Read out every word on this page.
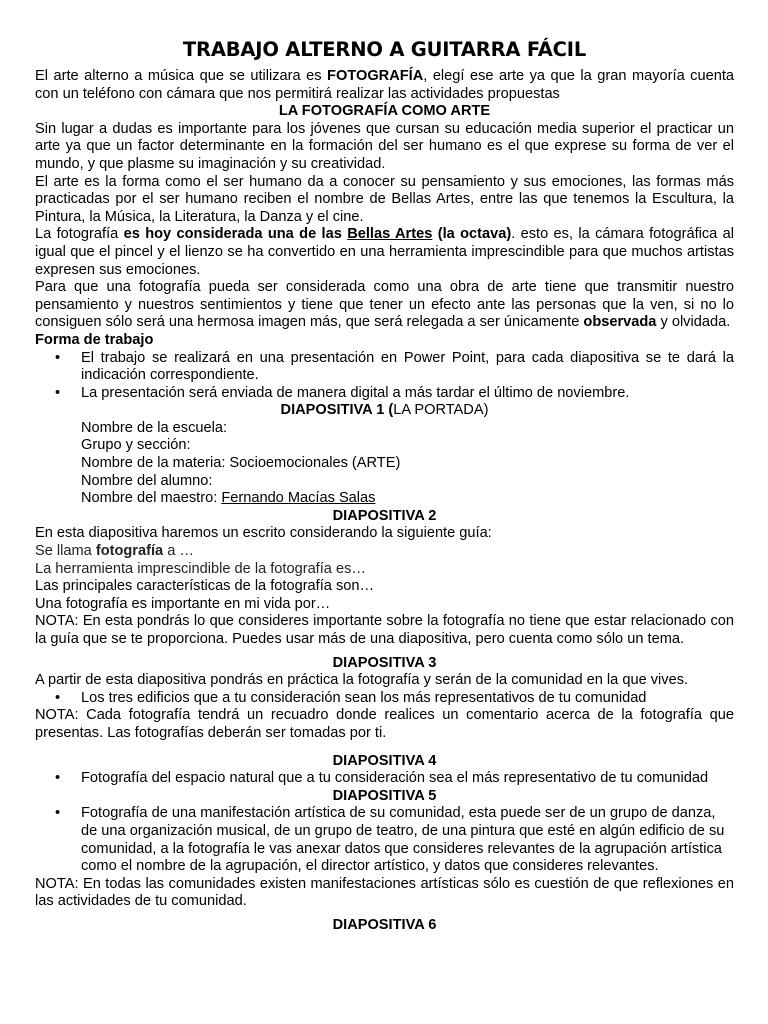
TRABAJO ALTERNO A GUITARRA FÁCIL

El arte alterno a música que se utilizara es FOTOGRAFÍA, elegí ese arte ya que la gran mayoría cuenta con un teléfono con cámara que nos permitirá realizar las actividades propuestas

LA FOTOGRAFÍA COMO ARTE

Sin lugar a dudas es importante para los jóvenes que cursan su educación media superior el practicar un arte ya que un factor determinante en la formación del ser humano es el que exprese su forma de ver el mundo, y que plasme su imaginación y su creatividad.

El arte es la forma como el ser humano da a conocer su pensamiento y sus emociones, las formas más practicadas por el ser humano reciben el nombre de Bellas Artes, entre las que tenemos la Escultura, la Pintura, la Música, la Literatura, la Danza y el cine.

La fotografía es hoy considerada una de las Bellas Artes (la octava). esto es, la cámara fotográfica al igual que el pincel y el lienzo se ha convertido en una herramienta imprescindible para que muchos artistas expresen sus emociones.

Para que una fotografía pueda ser considerada como una obra de arte tiene que transmitir nuestro pensamiento y nuestros sentimientos y tiene que tener un efecto ante las personas que la ven, si no lo consiguen sólo será una hermosa imagen más, que será relegada a ser únicamente observada y olvidada.

Forma de trabajo
• El trabajo se realizará en una presentación en Power Point, para cada diapositiva se te dará la indicación correspondiente.
• La presentación será enviada de manera digital a más tardar el último de noviembre.
DIAPOSITIVA 1 (LA PORTADA)
Nombre de la escuela:
Grupo y sección:
Nombre de la materia: Socioemocionales (ARTE)
Nombre del alumno:
Nombre del maestro: Fernando Macías Salas
DIAPOSITIVA 2

En esta diapositiva haremos un escrito considerando la siguiente guía:

Se llama fotografía a …

La herramienta imprescindible de la fotografía es…

Las principales características de la fotografía son…

Una fotografía es importante en mi vida por…

NOTA: En esta pondrás lo que consideres importante sobre la fotografía no tiene que estar relacionado con la guía que se te proporciona. Puedes usar más de una diapositiva, pero cuenta como sólo un tema.

DIAPOSITIVA 3

A partir de esta diapositiva pondrás en práctica la fotografía y serán de la comunidad en la que vives.

• Los tres edificios que a tu consideración sean los más representativos de tu comunidad

NOTA: Cada fotografía tendrá un recuadro donde realices un comentario acerca de la fotografía que presentas. Las fotografías deberán ser tomadas por ti.

DIAPOSITIVA 4
• Fotografía del espacio natural que a tu consideración sea el más representativo de tu comunidad
DIAPOSITIVA 5
• Fotografía de una manifestación artística de su comunidad, esta puede ser de un grupo de danza, de una organización musical, de un grupo de teatro, de una pintura que esté en algún edificio de su comunidad, a la fotografía le vas anexar datos que consideres relevantes de la agrupación artística como el nombre de la agrupación, el director artístico, y datos que consideres relevantes.

NOTA: En todas las comunidades existen manifestaciones artísticas sólo es cuestión de que reflexiones en las actividades de tu comunidad.

DIAPOSITIVA 6
